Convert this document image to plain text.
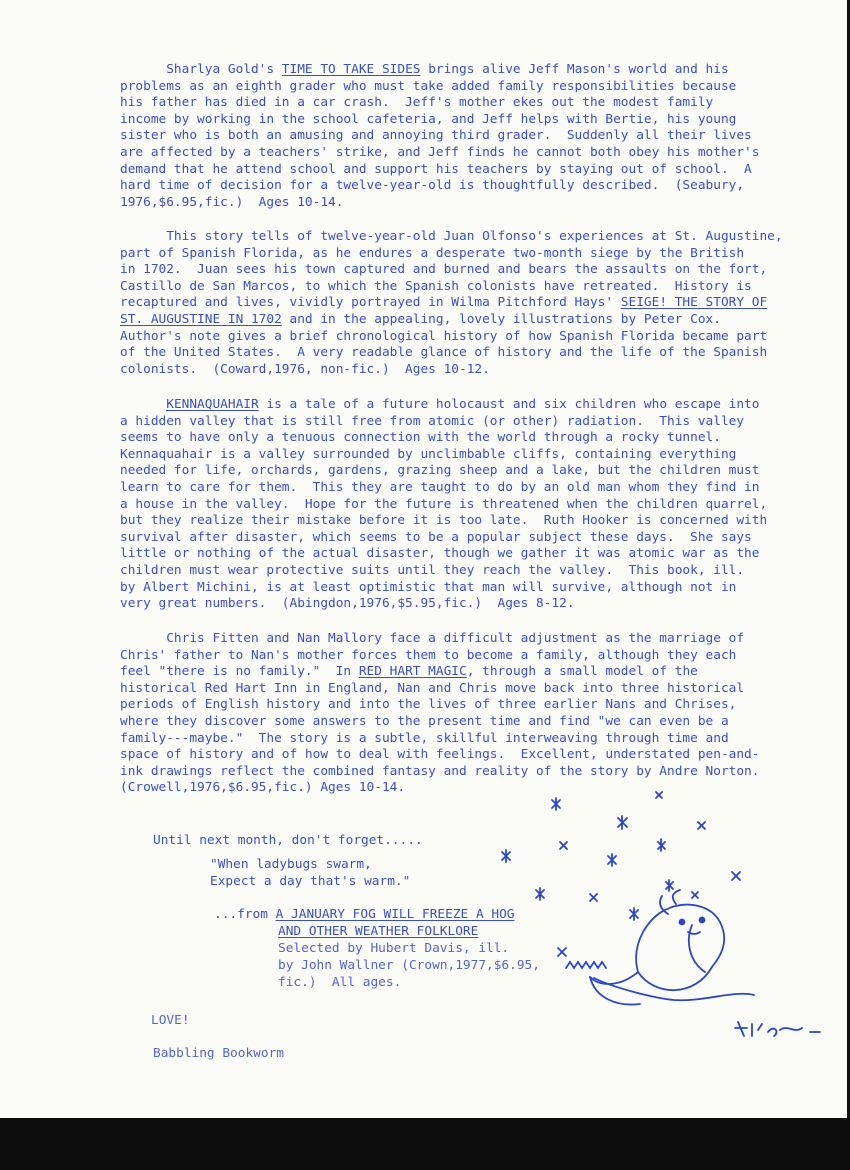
Sharlya Gold's TIME TO TAKE SIDES brings alive Jeff Mason's world and his
problems as an eighth grader who must take added family responsibilities because
his father has died in a car crash.  Jeff's mother ekes out the modest family
income by working in the school cafeteria, and Jeff helps with Bertie, his young
sister who is both an amusing and annoying third grader.  Suddenly all their lives
are affected by a teachers' strike, and Jeff finds he cannot both obey his mother's
demand that he attend school and support his teachers by staying out of school.  A
hard time of decision for a twelve-year-old is thoughtfully described.  (Seabury,
1976,$6.95,fic.)  Ages 10-14.
This story tells of twelve-year-old Juan Olfonso's experiences at St. Augustine,
part of Spanish Florida, as he endures a desperate two-month siege by the British
in 1702.  Juan sees his town captured and burned and bears the assaults on the fort,
Castillo de San Marcos, to which the Spanish colonists have retreated.  History is
recaptured and lives, vividly portrayed in Wilma Pitchford Hays' SEIGE! THE STORY OF
ST. AUGUSTINE IN 1702 and in the appealing, lovely illustrations by Peter Cox.
Author's note gives a brief chronological history of how Spanish Florida became part
of the United States.  A very readable glance of history and the life of the Spanish
colonists.  (Coward,1976, non-fic.)  Ages 10-12.
KENNAQUAHAIR is a tale of a future holocaust and six children who escape into
a hidden valley that is still free from atomic (or other) radiation.  This valley
seems to have only a tenuous connection with the world through a rocky tunnel.
Kennaquahair is a valley surrounded by unclimbable cliffs, containing everything
needed for life, orchards, gardens, grazing sheep and a lake, but the children must
learn to care for them.  This they are taught to do by an old man whom they find in
a house in the valley.  Hope for the future is threatened when the children quarrel,
but they realize their mistake before it is too late.  Ruth Hooker is concerned with
survival after disaster, which seems to be a popular subject these days.  She says
little or nothing of the actual disaster, though we gather it was atomic war as the
children must wear protective suits until they reach the valley.  This book, ill.
by Albert Michini, is at least optimistic that man will survive, although not in
very great numbers.  (Abingdon,1976,$5.95,fic.)  Ages 8-12.
Chris Fitten and Nan Mallory face a difficult adjustment as the marriage of
Chris' father to Nan's mother forces them to become a family, although they each
feel "there is no family."  In RED HART MAGIC, through a small model of the
historical Red Hart Inn in England, Nan and Chris move back into three historical
periods of English history and into the lives of three earlier Nans and Chrises,
where they discover some answers to the present time and find "we can even be a
family---maybe."  The story is a subtle, skillful interweaving through time and
space of history and of how to deal with feelings.  Excellent, understated pen-and-
ink drawings reflect the combined fantasy and reality of the story by Andre Norton.
(Crowell,1976,$6.95,fic.) Ages 10-14.
Until next month, don't forget.....
"When ladybugs swarm,
Expect a day that's warm."
...from A JANUARY FOG WILL FREEZE A HOG
AND OTHER WEATHER FOLKLORE
Selected by Hubert Davis, ill.
by John Wallner (Crown,1977,$6.95,
fic.)  All ages.
LOVE!
Babbling Bookworm
